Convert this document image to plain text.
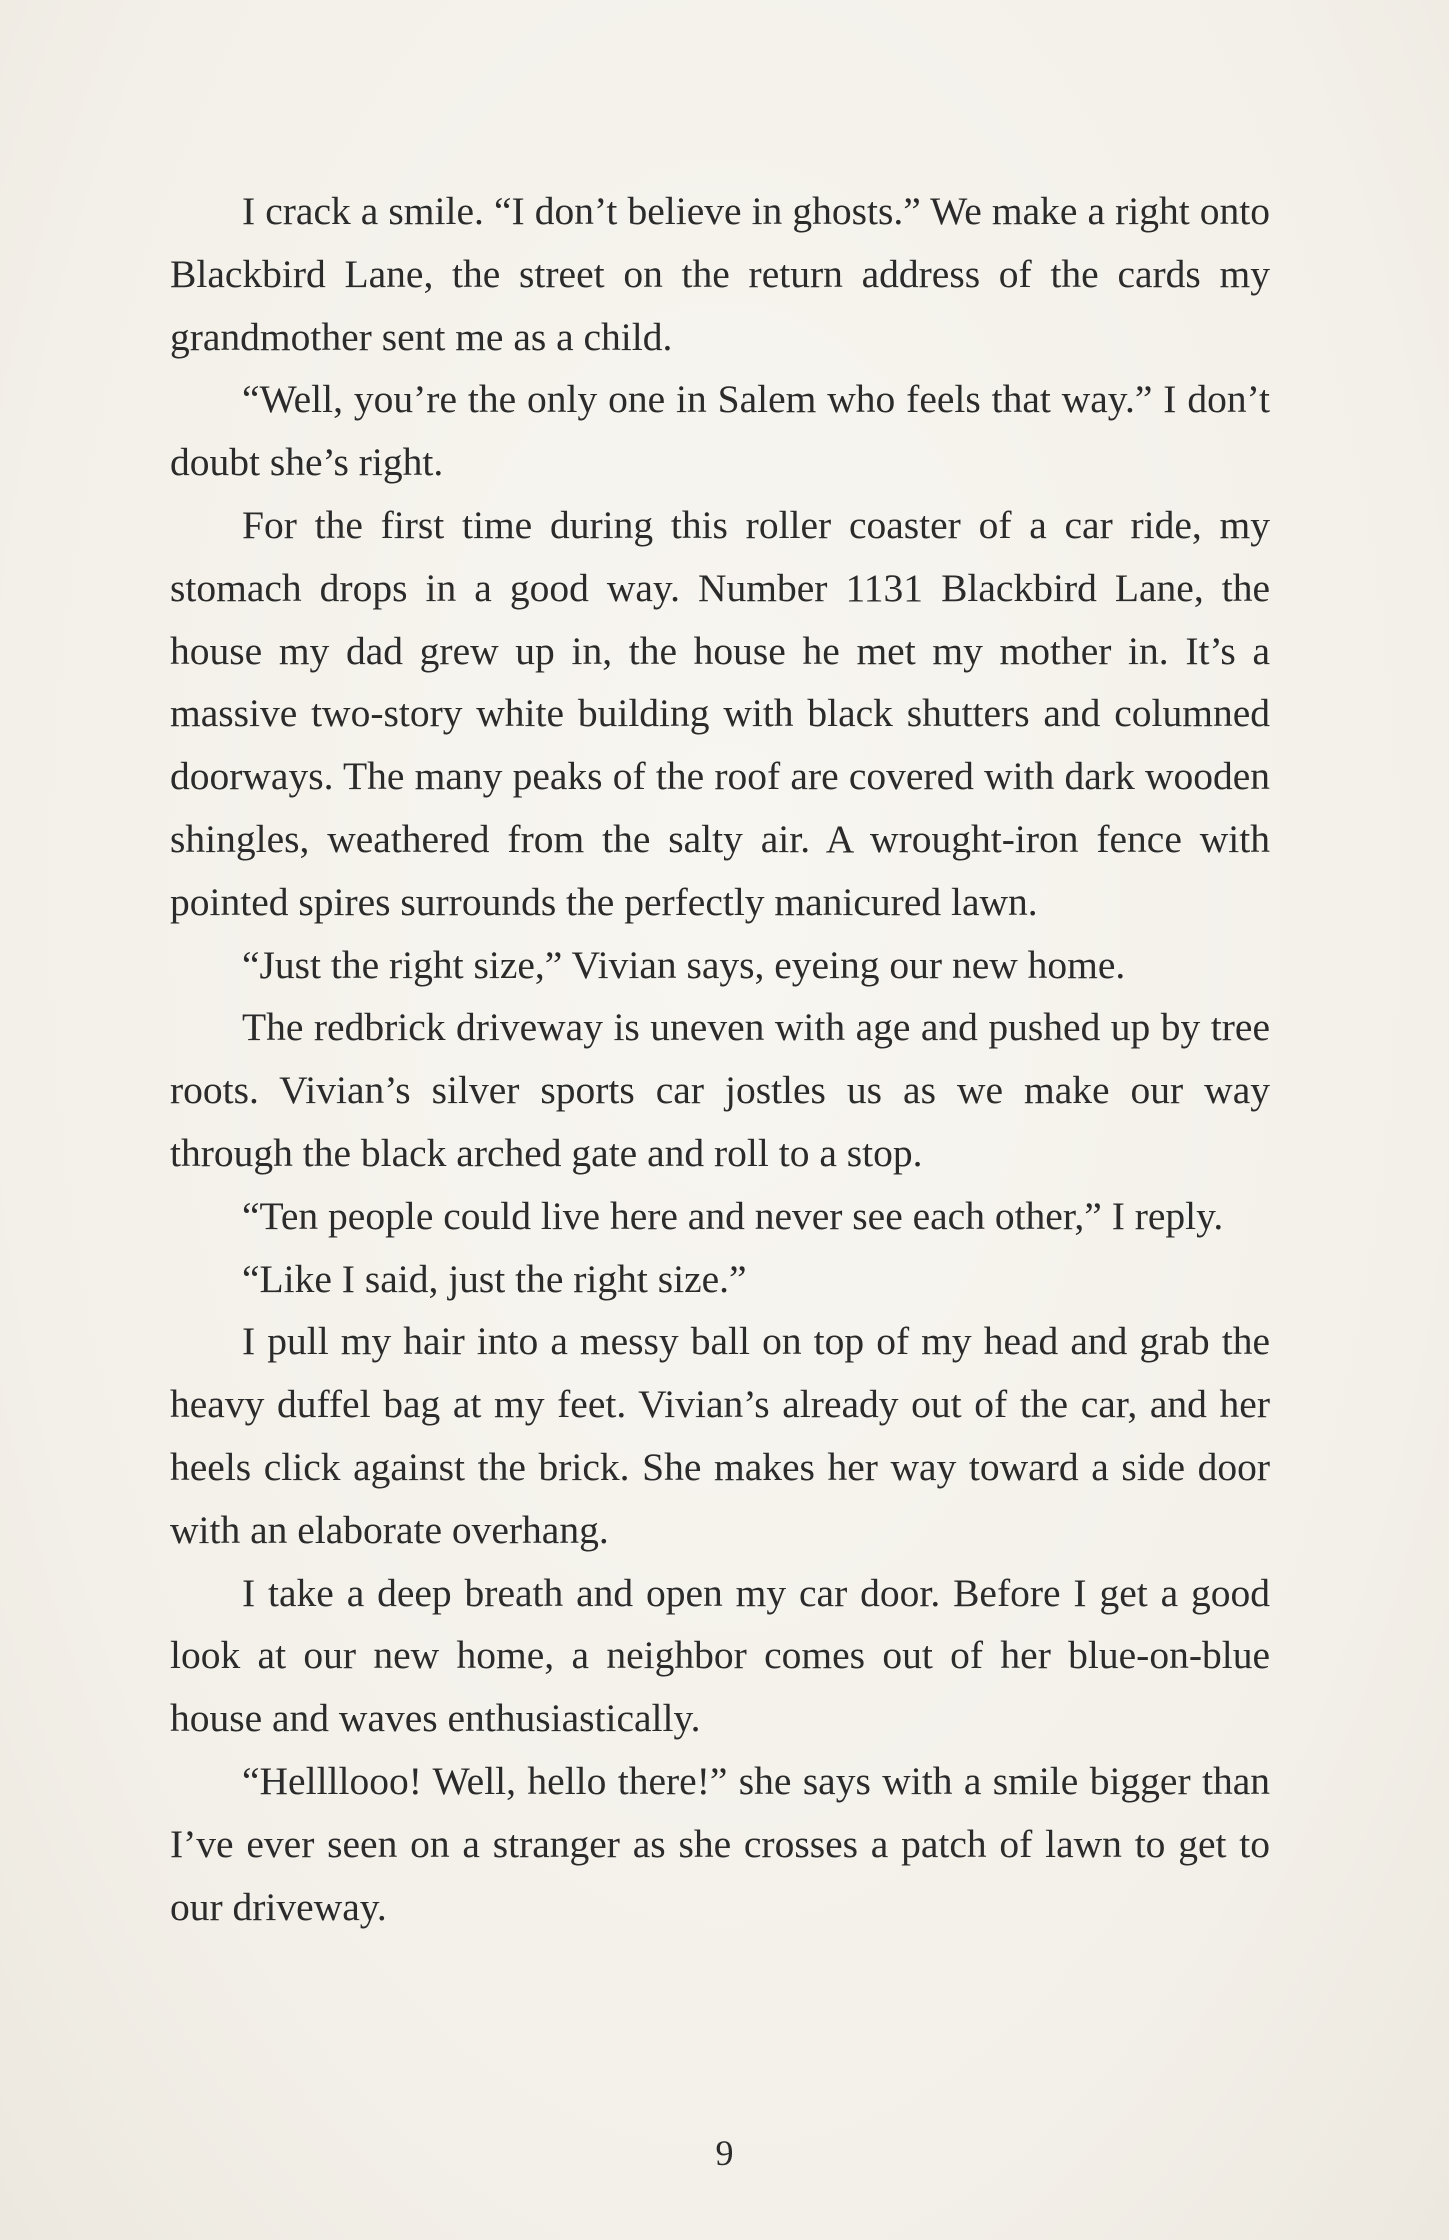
I crack a smile. “I don’t believe in ghosts.” We make a right onto Blackbird Lane, the street on the return address of the cards my grandmother sent me as a child.

“Well, you’re the only one in Salem who feels that way.” I don’t doubt she’s right.

For the first time during this roller coaster of a car ride, my stomach drops in a good way. Number 1131 Blackbird Lane, the house my dad grew up in, the house he met my mother in. It’s a massive two-story white building with black shutters and columned doorways. The many peaks of the roof are covered with dark wooden shingles, weathered from the salty air. A wrought-iron fence with pointed spires surrounds the perfectly manicured lawn.

“Just the right size,” Vivian says, eyeing our new home.

The redbrick driveway is uneven with age and pushed up by tree roots. Vivian’s silver sports car jostles us as we make our way through the black arched gate and roll to a stop.

“Ten people could live here and never see each other,” I reply.

“Like I said, just the right size.”

I pull my hair into a messy ball on top of my head and grab the heavy duffel bag at my feet. Vivian’s already out of the car, and her heels click against the brick. She makes her way toward a side door with an elaborate overhang.

I take a deep breath and open my car door. Before I get a good look at our new home, a neighbor comes out of her blue-on-blue house and waves enthusiastically.

“Hellllooo! Well, hello there!” she says with a smile bigger than I’ve ever seen on a stranger as she crosses a patch of lawn to get to our driveway.

9
